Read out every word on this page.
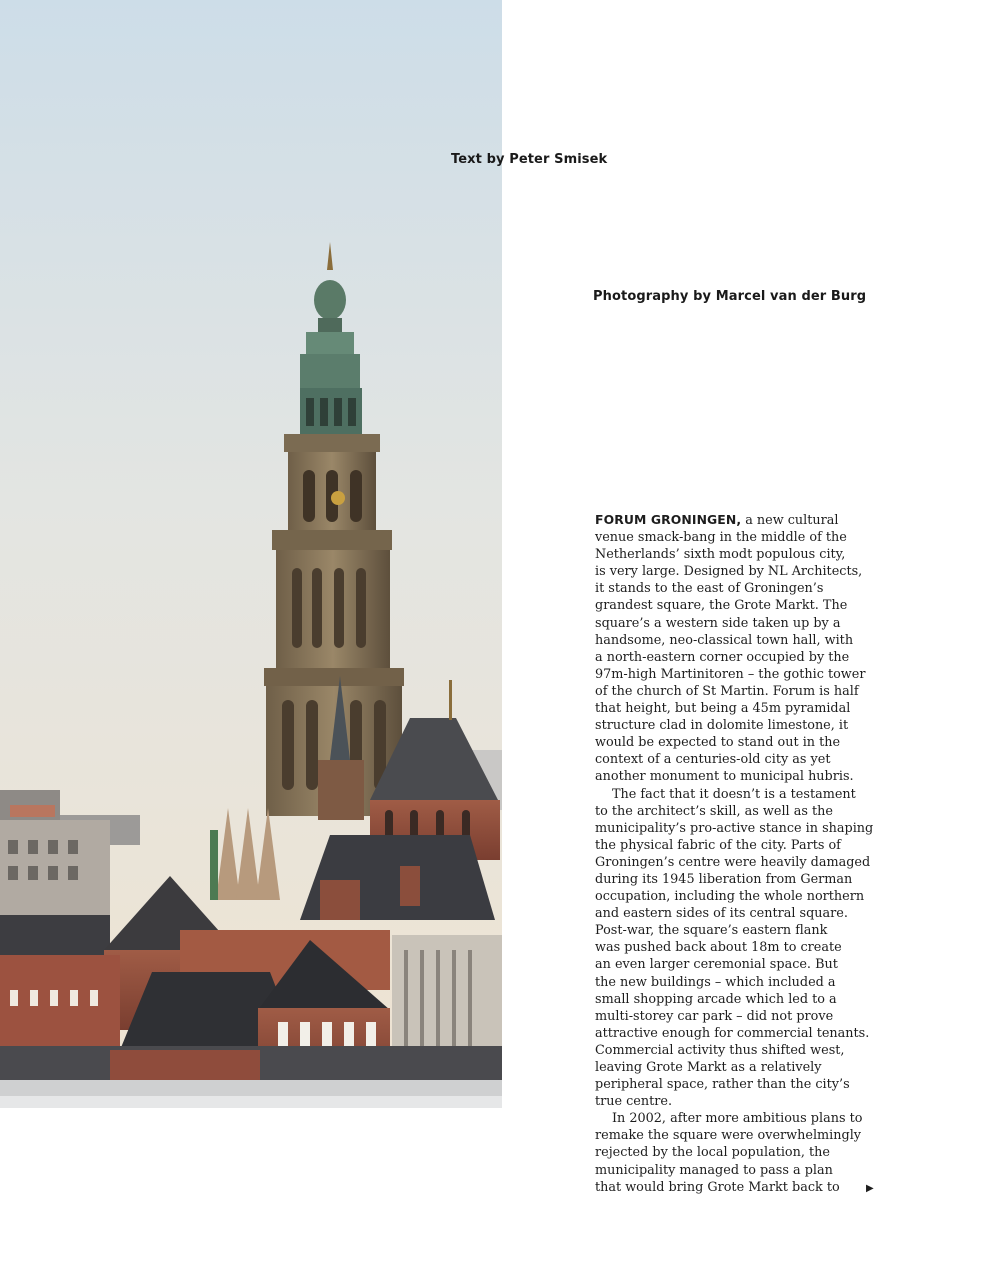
Text by Peter Smisek
Photography by Marcel van der Burg

FORUM GRONINGEN, a new cultural
venue smack-bang in the middle of the
Netherlands’ sixth modt populous city,
is very large. Designed by NL Architects,
it stands to the east of Groningen’s
grandest square, the Grote Markt. The
square’s a western side taken up by a
handsome, neo-classical town hall, with
a north-eastern corner occupied by the
97m-high Martinitoren – the gothic tower
of the church of St Martin. Forum is half
that height, but being a 45m pyramidal
structure clad in dolomite limestone, it
would be expected to stand out in the
context of a centuries-old city as yet
another monument to municipal hubris.

The fact that it doesn’t is a testament
to the architect’s skill, as well as the
municipality’s pro-active stance in shaping
the physical fabric of the city. Parts of
Groningen’s centre were heavily damaged
during its 1945 liberation from German
occupation, including the whole northern
and eastern sides of its central square.
Post-war, the square’s eastern flank
was pushed back about 18m to create
an even larger ceremonial space. But
the new buildings – which included a
small shopping arcade which led to a
multi-storey car park – did not prove
attractive enough for commercial tenants.
Commercial activity thus shifted west,
leaving Grote Markt as a relatively
peripheral space, rather than the city’s
true centre.

In 2002, after more ambitious plans to
remake the square were overwhelmingly
rejected by the local population, the
municipality managed to pass a plan
that would bring Grote Markt back to	▶
